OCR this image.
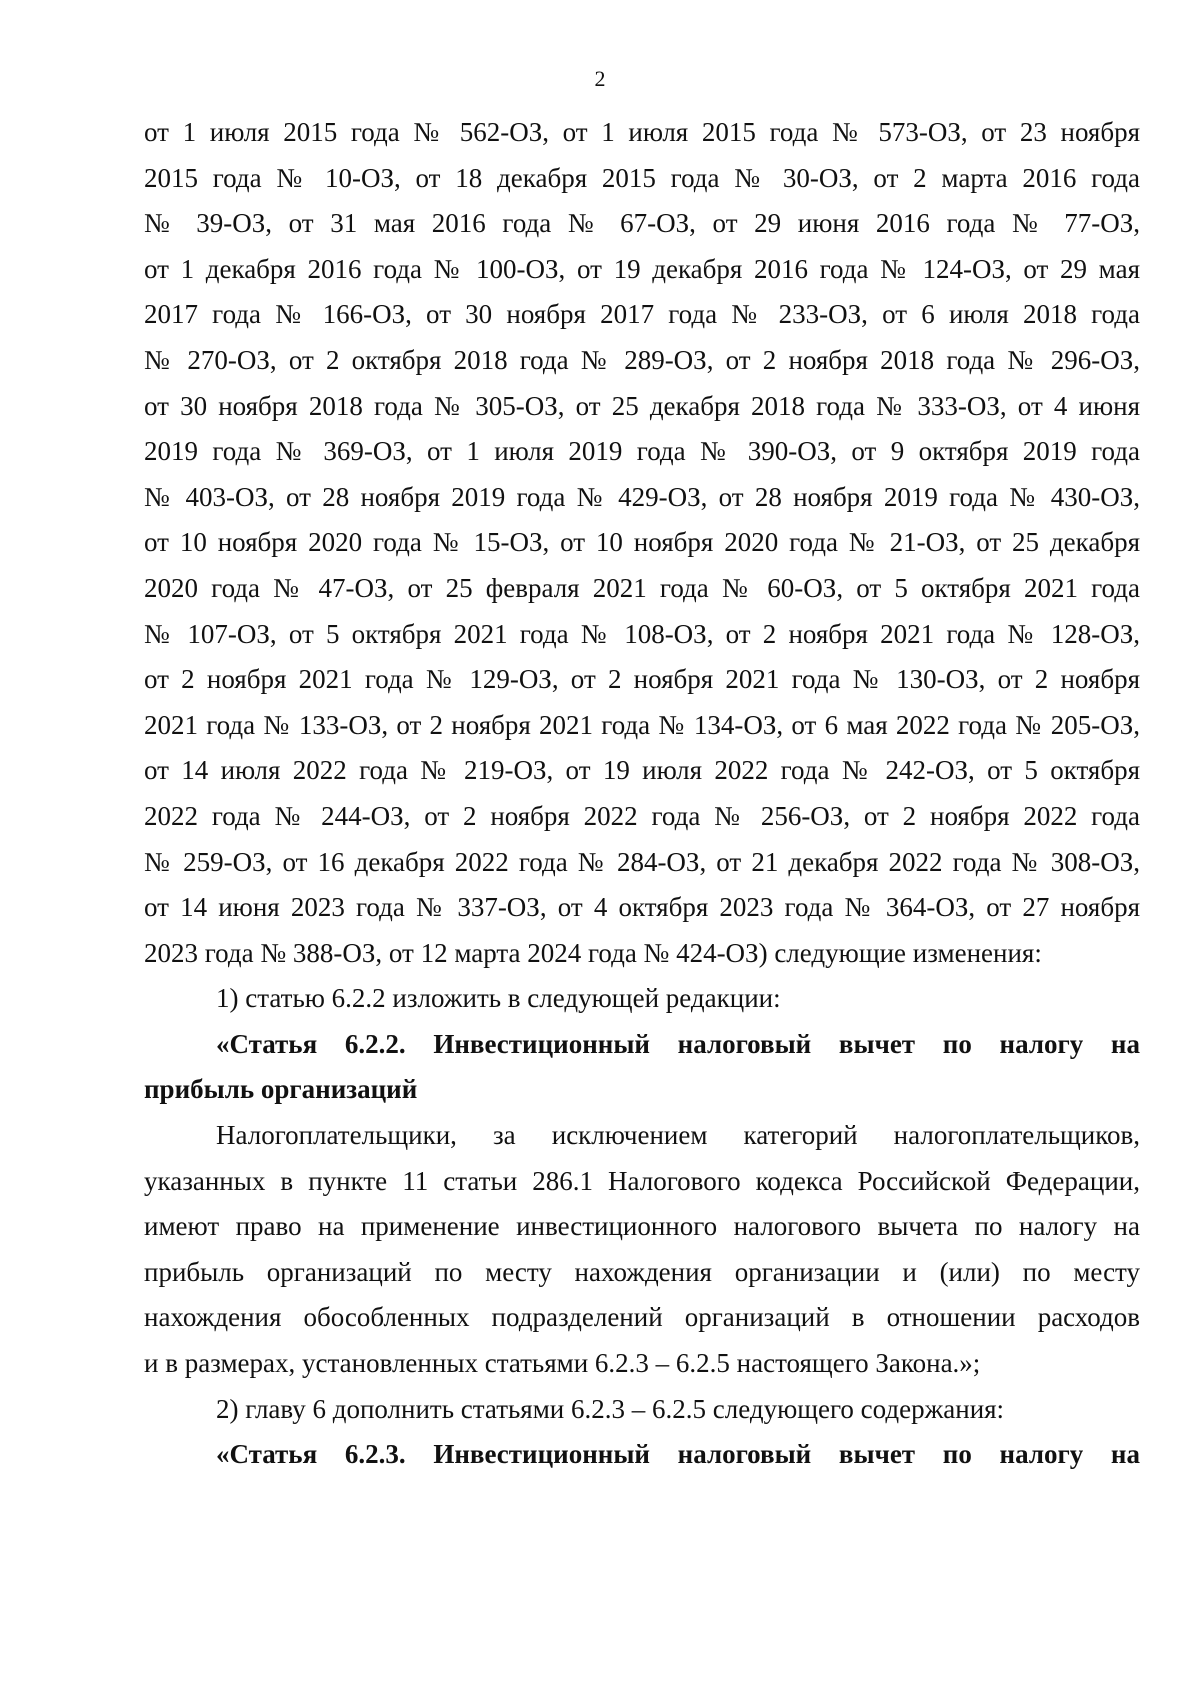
2
от 1 июля 2015 года № 562-ОЗ, от 1 июля 2015 года № 573-ОЗ, от 23 ноября
2015 года № 10-ОЗ, от 18 декабря 2015 года № 30-ОЗ, от 2 марта 2016 года
№ 39-ОЗ, от 31 мая 2016 года № 67-ОЗ, от 29 июня 2016 года № 77-ОЗ,
от 1 декабря 2016 года № 100-ОЗ, от 19 декабря 2016 года № 124-ОЗ, от 29 мая
2017 года № 166-ОЗ, от 30 ноября 2017 года № 233-ОЗ, от 6 июля 2018 года
№ 270-ОЗ, от 2 октября 2018 года № 289-ОЗ, от 2 ноября 2018 года № 296-ОЗ,
от 30 ноября 2018 года № 305-ОЗ, от 25 декабря 2018 года № 333-ОЗ, от 4 июня
2019 года № 369-ОЗ, от 1 июля 2019 года № 390-ОЗ, от 9 октября 2019 года
№ 403-ОЗ, от 28 ноября 2019 года № 429-ОЗ, от 28 ноября 2019 года № 430-ОЗ,
от 10 ноября 2020 года № 15-ОЗ, от 10 ноября 2020 года № 21-ОЗ, от 25 декабря
2020 года № 47-ОЗ, от 25 февраля 2021 года № 60-ОЗ, от 5 октября 2021 года
№ 107-ОЗ, от 5 октября 2021 года № 108-ОЗ, от 2 ноября 2021 года № 128-ОЗ,
от 2 ноября 2021 года № 129-ОЗ, от 2 ноября 2021 года № 130-ОЗ, от 2 ноября
2021 года № 133-ОЗ, от 2 ноября 2021 года № 134-ОЗ, от 6 мая 2022 года № 205-ОЗ,
от 14 июля 2022 года № 219-ОЗ, от 19 июля 2022 года № 242-ОЗ, от 5 октября
2022 года № 244-ОЗ, от 2 ноября 2022 года № 256-ОЗ, от 2 ноября 2022 года
№ 259-ОЗ, от 16 декабря 2022 года № 284-ОЗ, от 21 декабря 2022 года № 308-ОЗ,
от 14 июня 2023 года № 337-ОЗ, от 4 октября 2023 года № 364-ОЗ, от 27 ноября
2023 года № 388-ОЗ, от 12 марта 2024 года № 424-ОЗ) следующие изменения:
1) статью 6.2.2 изложить в следующей редакции:
«Статья 6.2.2. Инвестиционный налоговый вычет по налогу на
прибыль организаций
Налогоплательщики, за исключением категорий налогоплательщиков,
указанных в пункте 11 статьи 286.1 Налогового кодекса Российской Федерации,
имеют право на применение инвестиционного налогового вычета по налогу на
прибыль организаций по месту нахождения организации и (или) по месту
нахождения обособленных подразделений организаций в отношении расходов
и в размерах, установленных статьями 6.2.3 – 6.2.5 настоящего Закона.»;
2) главу 6 дополнить статьями 6.2.3 – 6.2.5 следующего содержания:
«Статья 6.2.3. Инвестиционный налоговый вычет по налогу на
